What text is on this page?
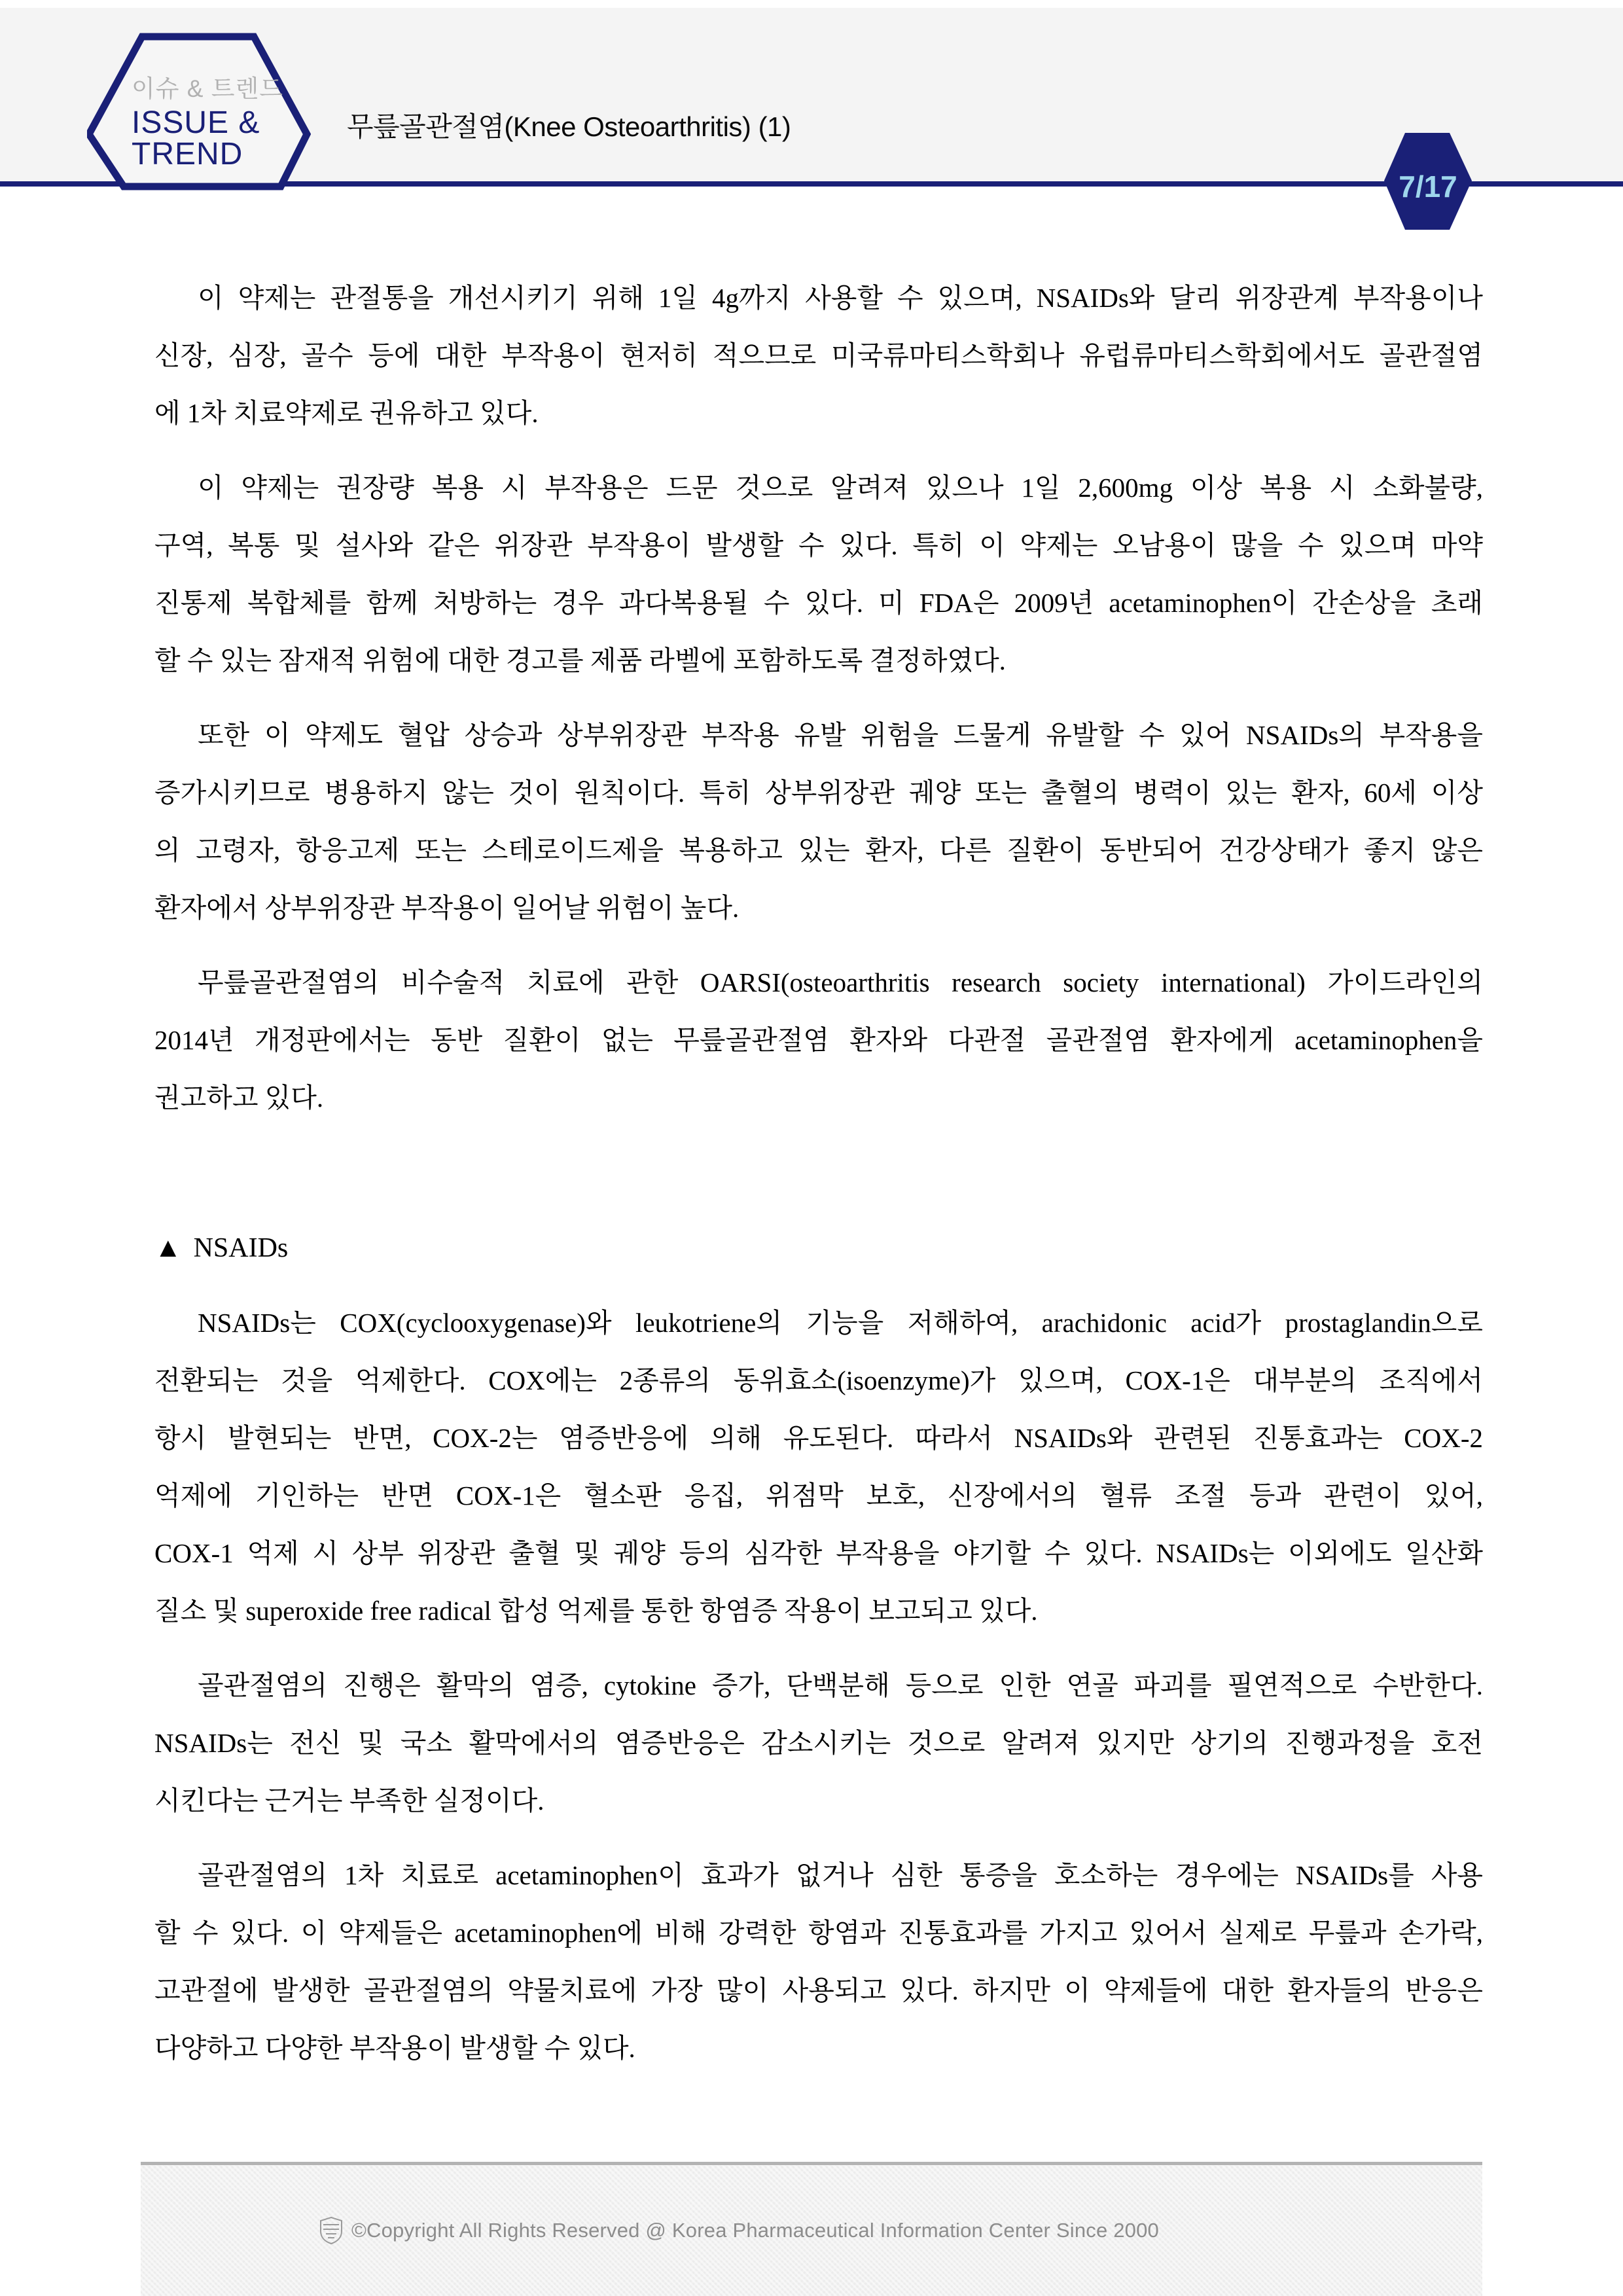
이슈 & 트렌드
ISSUE &
TREND
무릎골관절염(Knee Osteoarthritis) (1)
7/17
이 약제는 관절통을 개선시키기 위해 1일 4g까지 사용할 수 있으며, NSAIDs와 달리 위장관계 부작용이나
신장, 심장, 골수 등에 대한 부작용이 현저히 적으므로 미국류마티스학회나 유럽류마티스학회에서도 골관절염
에 1차 치료약제로 권유하고 있다.
이 약제는 권장량 복용 시 부작용은 드문 것으로 알려져 있으나 1일 2,600mg 이상 복용 시 소화불량,
구역, 복통 및 설사와 같은 위장관 부작용이 발생할 수 있다. 특히 이 약제는 오남용이 많을 수 있으며 마약
진통제 복합체를 함께 처방하는 경우 과다복용될 수 있다. 미 FDA은 2009년 acetaminophen이 간손상을 초래
할 수 있는 잠재적 위험에 대한 경고를 제품 라벨에 포함하도록 결정하였다.
또한 이 약제도 혈압 상승과 상부위장관 부작용 유발 위험을 드물게 유발할 수 있어 NSAIDs의 부작용을
증가시키므로 병용하지 않는 것이 원칙이다. 특히 상부위장관 궤양 또는 출혈의 병력이 있는 환자, 60세 이상
의 고령자, 항응고제 또는 스테로이드제을 복용하고 있는 환자, 다른 질환이 동반되어 건강상태가 좋지 않은
환자에서 상부위장관 부작용이 일어날 위험이 높다.
무릎골관절염의 비수술적 치료에 관한 OARSI(osteoarthritis research society international) 가이드라인의
2014년 개정판에서는 동반 질환이 없는 무릎골관절염 환자와 다관절 골관절염 환자에게 acetaminophen을
권고하고 있다.
▲ NSAIDs
NSAIDs는 COX(cyclooxygenase)와 leukotriene의 기능을 저해하여, arachidonic acid가 prostaglandin으로
전환되는 것을 억제한다. COX에는 2종류의 동위효소(isoenzyme)가 있으며, COX-1은 대부분의 조직에서
항시 발현되는 반면, COX-2는 염증반응에 의해 유도된다. 따라서 NSAIDs와 관련된 진통효과는 COX-2
억제에 기인하는 반면 COX-1은 혈소판 응집, 위점막 보호, 신장에서의 혈류 조절 등과 관련이 있어,
COX-1 억제 시 상부 위장관 출혈 및 궤양 등의 심각한 부작용을 야기할 수 있다. NSAIDs는 이외에도 일산화
질소 및 superoxide free radical 합성 억제를 통한 항염증 작용이 보고되고 있다.
골관절염의 진행은 활막의 염증, cytokine 증가, 단백분해 등으로 인한 연골 파괴를 필연적으로 수반한다.
NSAIDs는 전신 및 국소 활막에서의 염증반응은 감소시키는 것으로 알려져 있지만 상기의 진행과정을 호전
시킨다는 근거는 부족한 실정이다.
골관절염의 1차 치료로 acetaminophen이 효과가 없거나 심한 통증을 호소하는 경우에는 NSAIDs를 사용
할 수 있다. 이 약제들은 acetaminophen에 비해 강력한 항염과 진통효과를 가지고 있어서 실제로 무릎과 손가락,
고관절에 발생한 골관절염의 약물치료에 가장 많이 사용되고 있다. 하지만 이 약제들에 대한 환자들의 반응은
다양하고 다양한 부작용이 발생할 수 있다.
©Copyright All Rights Reserved @ Korea Pharmaceutical Information Center Since 2000
